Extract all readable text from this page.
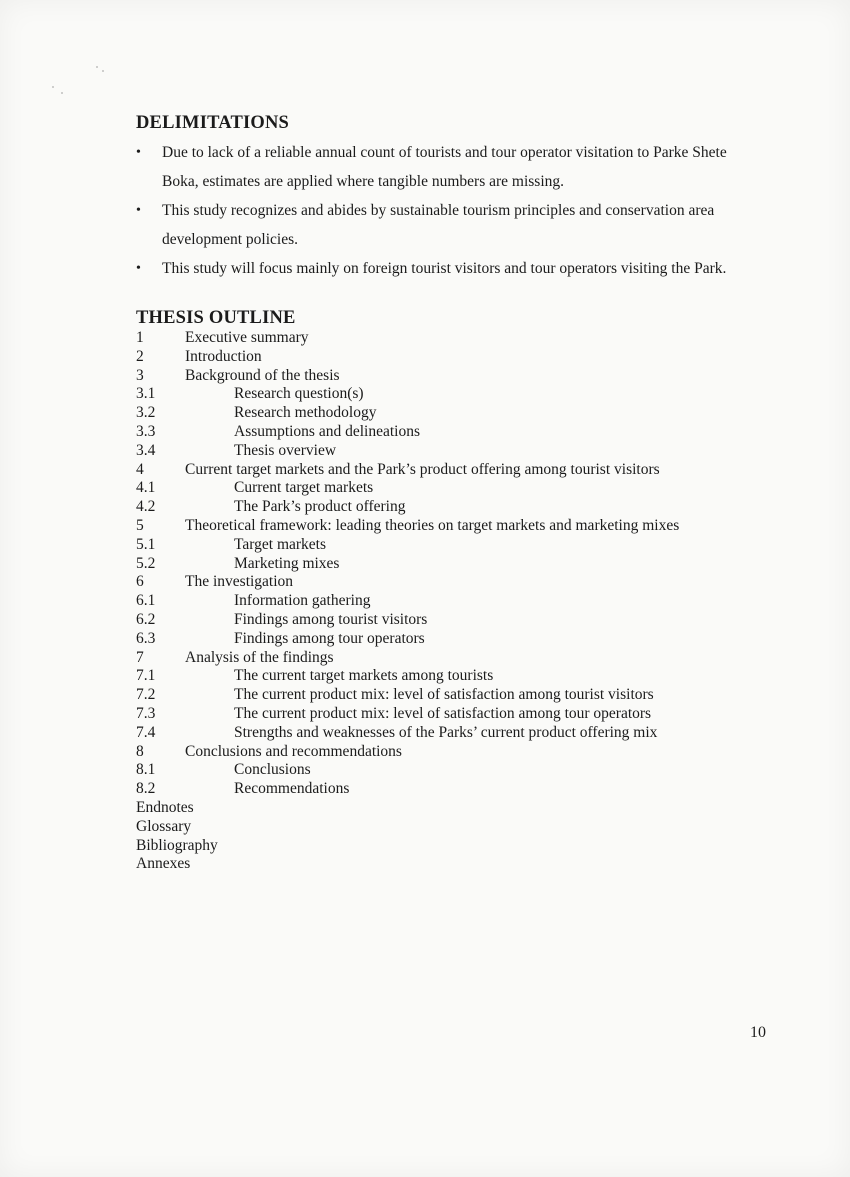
DELIMITATIONS
• Due to lack of a reliable annual count of tourists and tour operator visitation to Parke Shete
Boka, estimates are applied where tangible numbers are missing.
• This study recognizes and abides by sustainable tourism principles and conservation area
development policies.
• This study will focus mainly on foreign tourist visitors and tour operators visiting the Park.
THESIS OUTLINE
1	Executive summary
2	Introduction
3	Background of the thesis
3.1	Research question(s)
3.2	Research methodology
3.3	Assumptions and delineations
3.4	Thesis overview
4	Current target markets and the Park’s product offering among tourist visitors
4.1	Current target markets
4.2	The Park’s product offering
5	Theoretical framework: leading theories on target markets and marketing mixes
5.1	Target markets
5.2	Marketing mixes
6	The investigation
6.1	Information gathering
6.2	Findings among tourist visitors
6.3	Findings among tour operators
7	Analysis of the findings
7.1	The current target markets among tourists
7.2	The current product mix: level of satisfaction among tourist visitors
7.3	The current product mix: level of satisfaction among tour operators
7.4	Strengths and weaknesses of the Parks’ current product offering mix
8	Conclusions and recommendations
8.1	Conclusions
8.2	Recommendations
Endnotes
Glossary
Bibliography
Annexes
10
